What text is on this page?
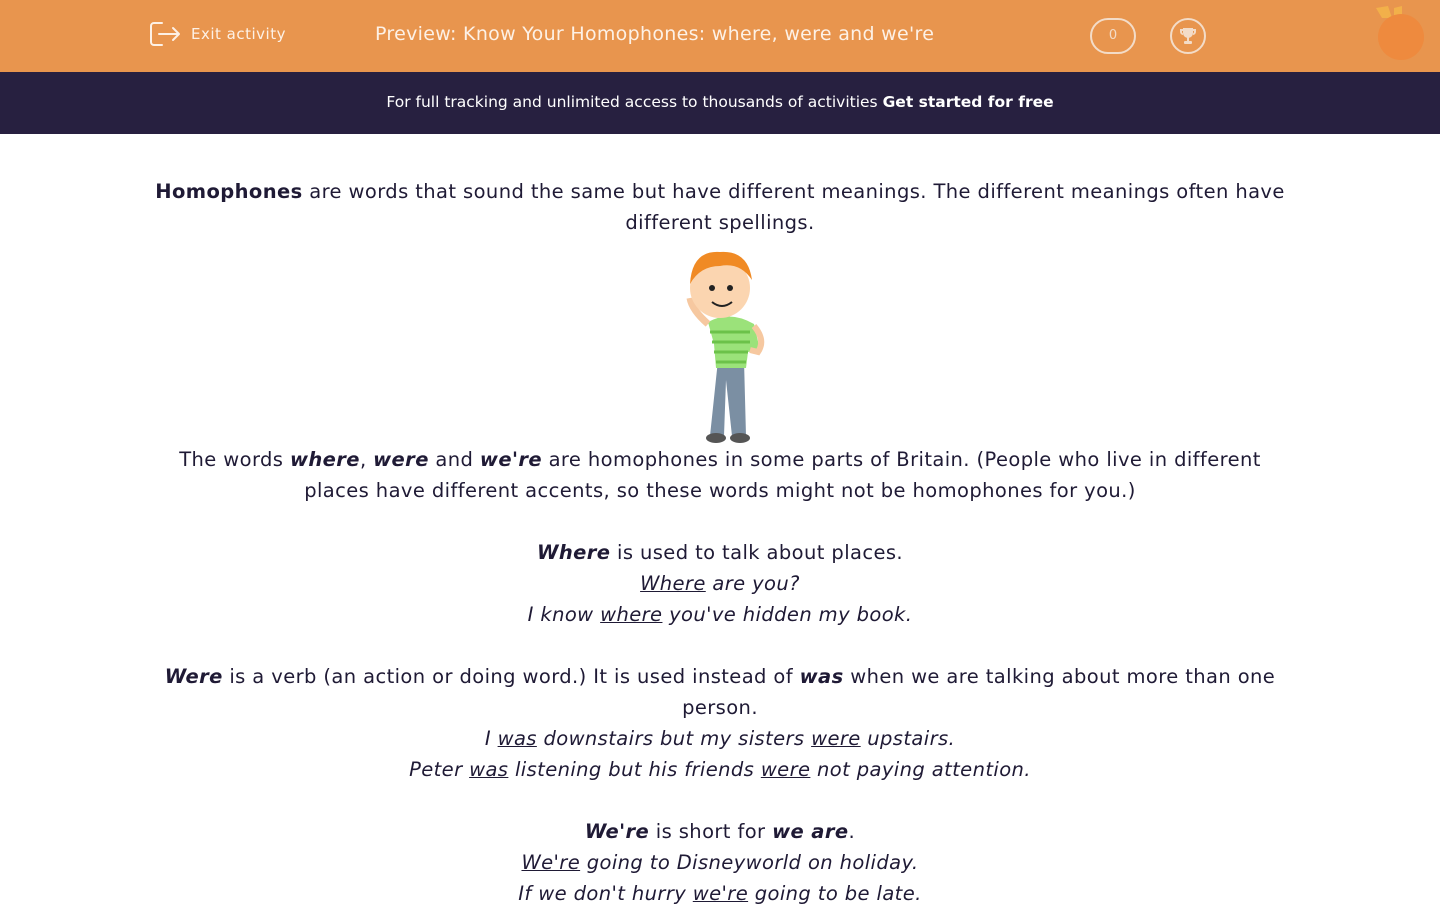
Exit activity	Preview: Know Your Homophones: where, were and we're	0
For full tracking and unlimited access to thousands of activities Get started for free

Homophones are words that sound the same but have different meanings. The different meanings often have different spellings.

The words where, were and we're are homophones in some parts of Britain. (People who live in different places have different accents, so these words might not be homophones for you.)

Where is used to talk about places.

Where are you?

I know where you've hidden my book.

Were is a verb (an action or doing word.) It is used instead of was when we are talking about more than one person.

I was downstairs but my sisters were upstairs.

Peter was listening but his friends were not paying attention.

We're is short for we are.

We're going to Disneyworld on holiday.

If we don't hurry we're going to be late.
